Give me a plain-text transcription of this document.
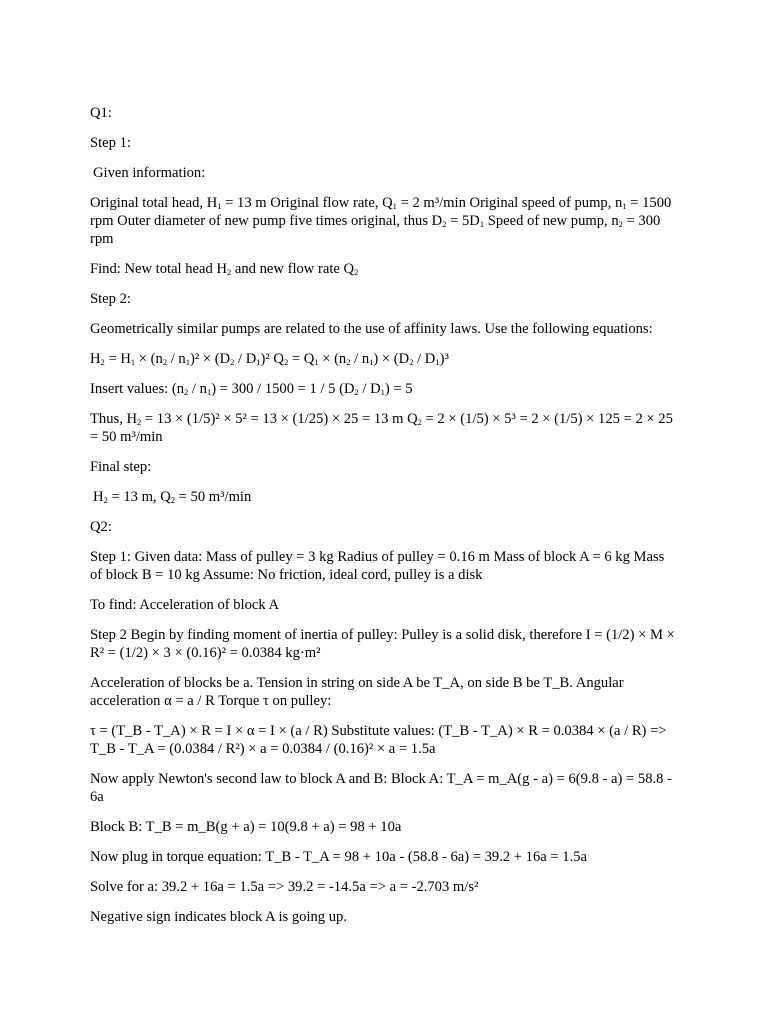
Q1:

Step 1:

Given information:

Original total head, $H_1 = 13$ m Original flow rate, $Q_1 = 2$ m³/min Original speed of pump, $n_1 = 1500$ rpm Outer diameter of new pump five times original, thus $D_2 = 5D_1$ Speed of new pump, $n_2 = 300$ rpm

Find: New total head $H_2$ and new flow rate $Q_2$

Step 2:

Geometrically similar pumps are related to the use of affinity laws. Use the following equations:

$H_2 = H_1 \times (n_2 / n_1)^2 \times (D_2 / D_1)^2$ $Q_2 = Q_1 \times (n_2 / n_1) \times (D_2 / D_1)^3$

Insert values: $(n_2 / n_1) = 300 / 1500 = 1 / 5$ $(D_2 / D_1) = 5$

Thus, $H_2 = 13 \times (1/5)^2 \times 5^2 = 13 \times (1/25) \times 25 = 13$ m $Q_2 = 2 \times (1/5) \times 5^3 = 2 \times (1/5) \times 125 = 2 \times 25 = 50$ m³/min

Final step:

$H_2 = 13$ m, $Q_2 = 50$ m³/min

Q2:

Step 1: Given data: Mass of pulley = 3 kg Radius of pulley = 0.16 m Mass of block A = 6 kg Mass of block B = 10 kg Assume: No friction, ideal cord, pulley is a disk

To find: Acceleration of block A

Step 2 Begin by finding moment of inertia of pulley: Pulley is a solid disk, therefore I = (1/2) × M × R² = (1/2) × 3 × (0.16)² = 0.0384 kg·m²

Acceleration of blocks be a. Tension in string on side A be T_A, on side B be T_B. Angular acceleration α = a / R Torque τ on pulley:

τ = (T_B - T_A) × R = I × α = I × (a / R) Substitute values: (T_B - T_A) × R = 0.0384 × (a / R) => T_B - T_A = (0.0384 / R²) × a = 0.0384 / (0.16)² × a = 1.5a

Now apply Newton's second law to block A and B: Block A: T_A = m_A(g - a) = 6(9.8 - a) = 58.8 - 6a

Block B: T_B = m_B(g + a) = 10(9.8 + a) = 98 + 10a

Now plug in torque equation: T_B - T_A = 98 + 10a - (58.8 - 6a) = 39.2 + 16a = 1.5a

Solve for a: 39.2 + 16a = 1.5a => 39.2 = -14.5a => a = -2.703 m/s²

Negative sign indicates block A is going up.
